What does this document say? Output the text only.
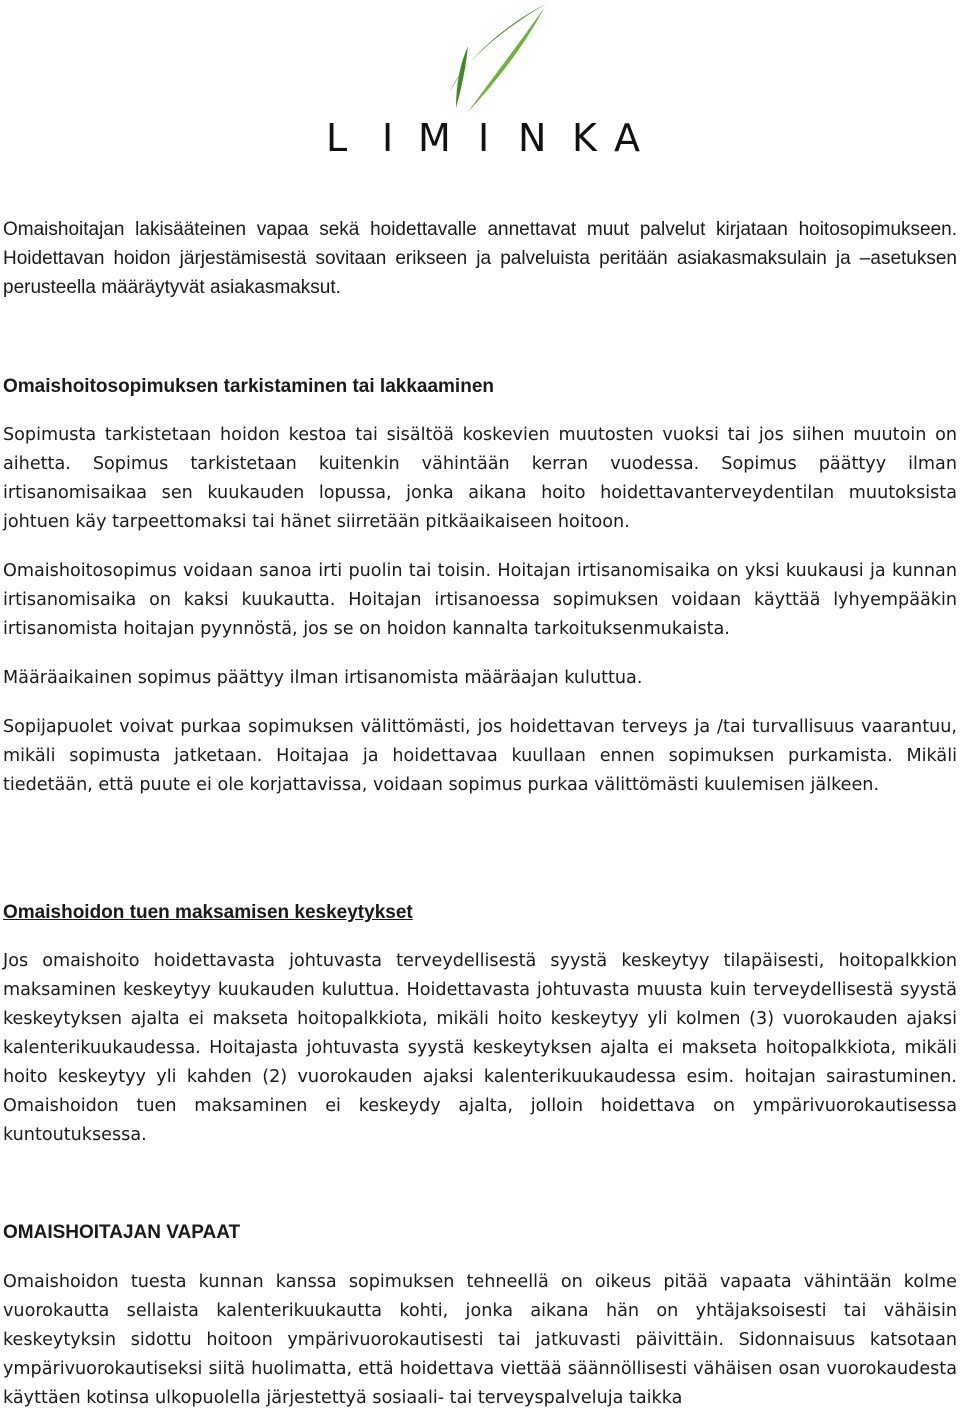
L I M I N K A

Omaishoitajan lakisääteinen vapaa sekä hoidettavalle annettavat muut palvelut kirjataan hoitosopimukseen. Hoidettavan hoidon järjestämisestä sovitaan erikseen ja palveluista peritään asiakasmaksulain ja –asetuksen perusteella määräytyvät asiakasmaksut.

Omaishoitosopimuksen tarkistaminen tai lakkaaminen

Sopimusta tarkistetaan hoidon kestoa tai sisältöä koskevien muutosten vuoksi tai jos siihen muutoin on aihetta. Sopimus tarkistetaan kuitenkin vähintään kerran vuodessa. Sopimus päättyy ilman irtisanomisaikaa sen kuukauden lopussa, jonka aikana hoito hoidettavanterveydentilan muutoksista johtuen käy tarpeettomaksi tai hänet siirretään pitkäaikaiseen hoitoon.

Omaishoitosopimus voidaan sanoa irti puolin tai toisin. Hoitajan irtisanomisaika on yksi kuukausi ja kunnan irtisanomisaika on kaksi kuukautta. Hoitajan irtisanoessa sopimuksen voidaan käyttää lyhyempääkin irtisanomista hoitajan pyynnöstä, jos se on hoidon kannalta tarkoituksenmukaista.

Määräaikainen sopimus päättyy ilman irtisanomista määräajan kuluttua.

Sopijapuolet voivat purkaa sopimuksen välittömästi, jos hoidettavan terveys ja /tai turvallisuus vaarantuu, mikäli sopimusta jatketaan. Hoitajaa ja hoidettavaa kuullaan ennen sopimuksen purkamista. Mikäli tiedetään, että puute ei ole korjattavissa, voidaan sopimus purkaa välittömästi kuulemisen jälkeen.

Omaishoidon tuen maksamisen keskeytykset

Jos omaishoito hoidettavasta johtuvasta terveydellisestä syystä keskeytyy tilapäisesti, hoitopalkkion maksaminen keskeytyy kuukauden kuluttua. Hoidettavasta johtuvasta muusta kuin terveydellisestä syystä keskeytyksen ajalta ei makseta hoitopalkkiota, mikäli hoito keskeytyy yli kolmen (3) vuorokauden ajaksi kalenterikuukaudessa. Hoitajasta johtuvasta syystä keskeytyksen ajalta ei makseta hoitopalkkiota, mikäli hoito keskeytyy yli kahden (2) vuorokauden ajaksi kalenterikuukaudessa esim. hoitajan sairastuminen. Omaishoidon tuen maksaminen ei keskeydy ajalta, jolloin hoidettava on ympärivuorokautisessa kuntoutuksessa.

OMAISHOITAJAN VAPAAT

Omaishoidon tuesta kunnan kanssa sopimuksen tehneellä on oikeus pitää vapaata vähintään kolme vuorokautta sellaista kalenterikuukautta kohti, jonka aikana hän on yhtäjaksoisesti tai vähäisin keskeytyksin sidottu hoitoon ympärivuorokautisesti tai jatkuvasti päivittäin. Sidonnaisuus katsotaan ympärivuorokautiseksi siitä huolimatta, että hoidettava viettää säännöllisesti vähäisen osan vuorokaudesta käyttäen kotinsa ulkopuolella järjestettyä sosiaali- tai terveyspalveluja taikka
